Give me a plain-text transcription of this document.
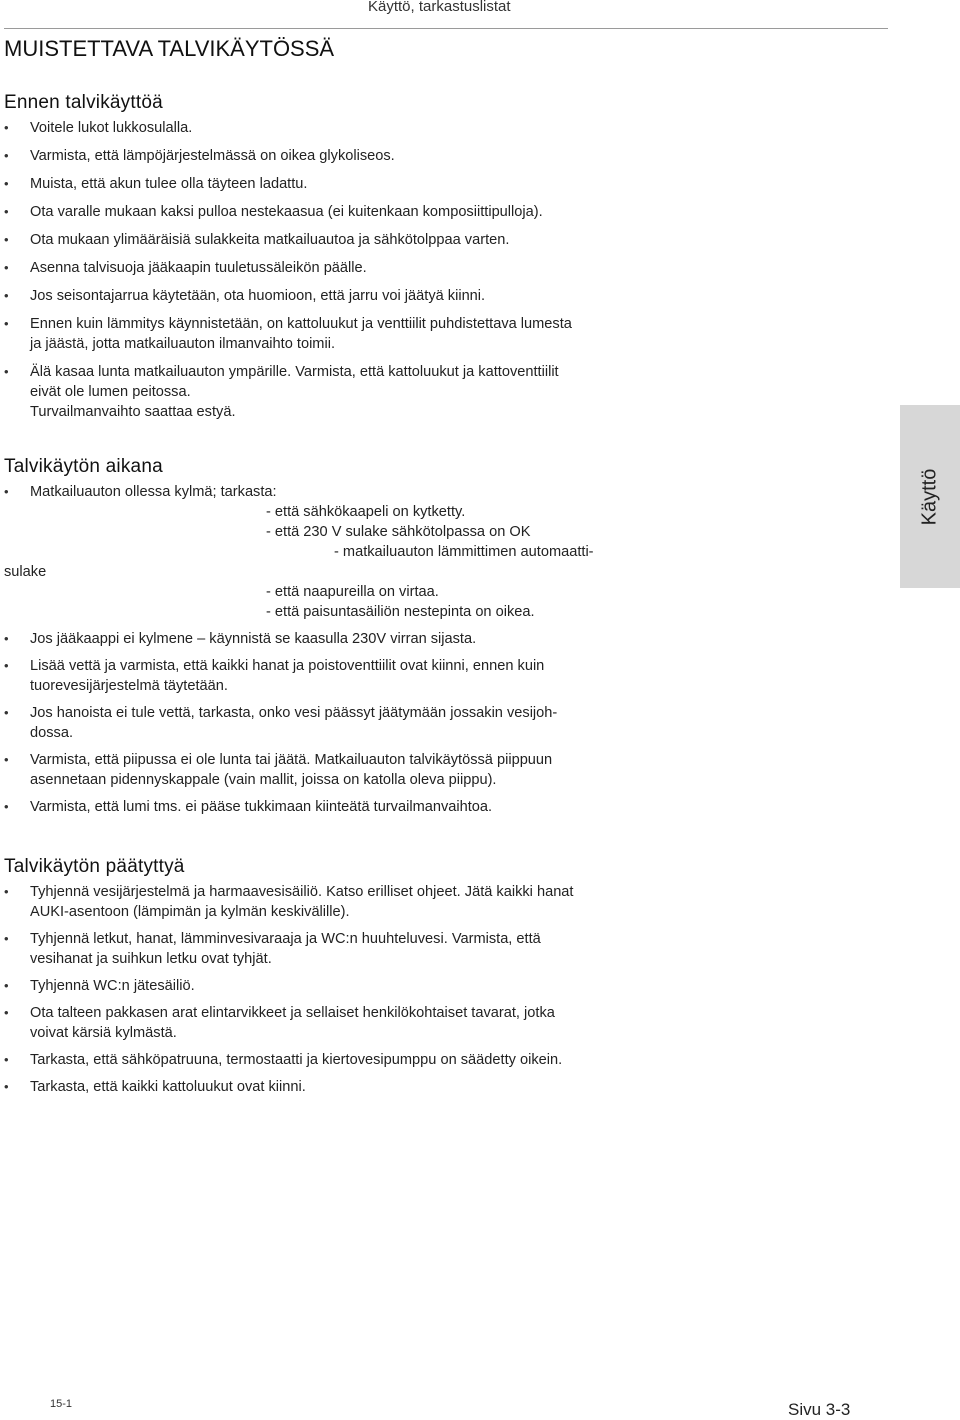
Käyttö, tarkastuslistat
MUISTETTAVA TALVIKÄYTÖSSÄ
Ennen talvikäyttöä
• Voitele lukot lukkosulalla.
• Varmista, että lämpöjärjestelmässä on oikea glykoliseos.
• Muista, että akun tulee olla täyteen ladattu.
• Ota varalle mukaan kaksi pulloa nestekaasua (ei kuitenkaan komposiittipulloja).
• Ota mukaan ylimääräisiä sulakkeita matkailuautoa ja sähkötolppaa varten.
• Asenna talvisuoja jääkaapin tuuletussäleikön päälle.
• Jos seisontajarrua käytetään, ota huomioon, että jarru voi jäätyä kiinni.
• Ennen kuin lämmitys käynnistetään, on kattoluukut ja venttiilit puhdistettava lumesta
ja jäästä, jotta matkailuauton ilmanvaihto toimii.
• Älä kasaa lunta matkailuauton ympärille. Varmista, että kattoluukut ja kattoventtiilit
eivät ole lumen peitossa.
Turvailmanvaihto saattaa estyä.
Talvikäytön aikana
• Matkailuauton ollessa kylmä; tarkasta:
- että sähkökaapeli on kytketty.
- että 230 V sulake sähkötolpassa on OK
- matkailuauton lämmittimen automaatti-
sulake
- että naapureilla on virtaa.
- että paisuntasäiliön nestepinta on oikea.
• Jos jääkaappi ei kylmene – käynnistä se kaasulla 230V virran sijasta.
• Lisää vettä ja varmista, että kaikki hanat ja poistoventtiilit ovat kiinni, ennen kuin
tuorevesijärjestelmä täytetään.
• Jos hanoista ei tule vettä, tarkasta, onko vesi päässyt jäätymään jossakin vesijoh-
dossa.
• Varmista, että piipussa ei ole lunta tai jäätä. Matkailuauton talvikäytössä piippuun
asennetaan pidennyskappale (vain mallit, joissa on katolla oleva piippu).
• Varmista, että lumi tms. ei pääse tukkimaan kiinteätä turvailmanvaihtoa.
Talvikäytön päätyttyä
• Tyhjennä vesijärjestelmä ja harmaavesisäiliö. Katso erilliset ohjeet. Jätä kaikki hanat
AUKI-asentoon (lämpimän ja kylmän keskivälille).
• Tyhjennä letkut, hanat, lämminvesivaraaja ja WC:n huuhteluvesi. Varmista, että
vesihanat ja suihkun letku ovat tyhjät.
• Tyhjennä WC:n jätesäiliö.
• Ota talteen pakkasen arat elintarvikkeet ja sellaiset henkilökohtaiset tavarat, jotka
voivat kärsiä kylmästä.
• Tarkasta, että sähköpatruuna, termostaatti ja kiertovesipumppu on säädetty oikein.
• Tarkasta, että kaikki kattoluukut ovat kiinni.
Käyttö
15-1	Sivu 3-3
